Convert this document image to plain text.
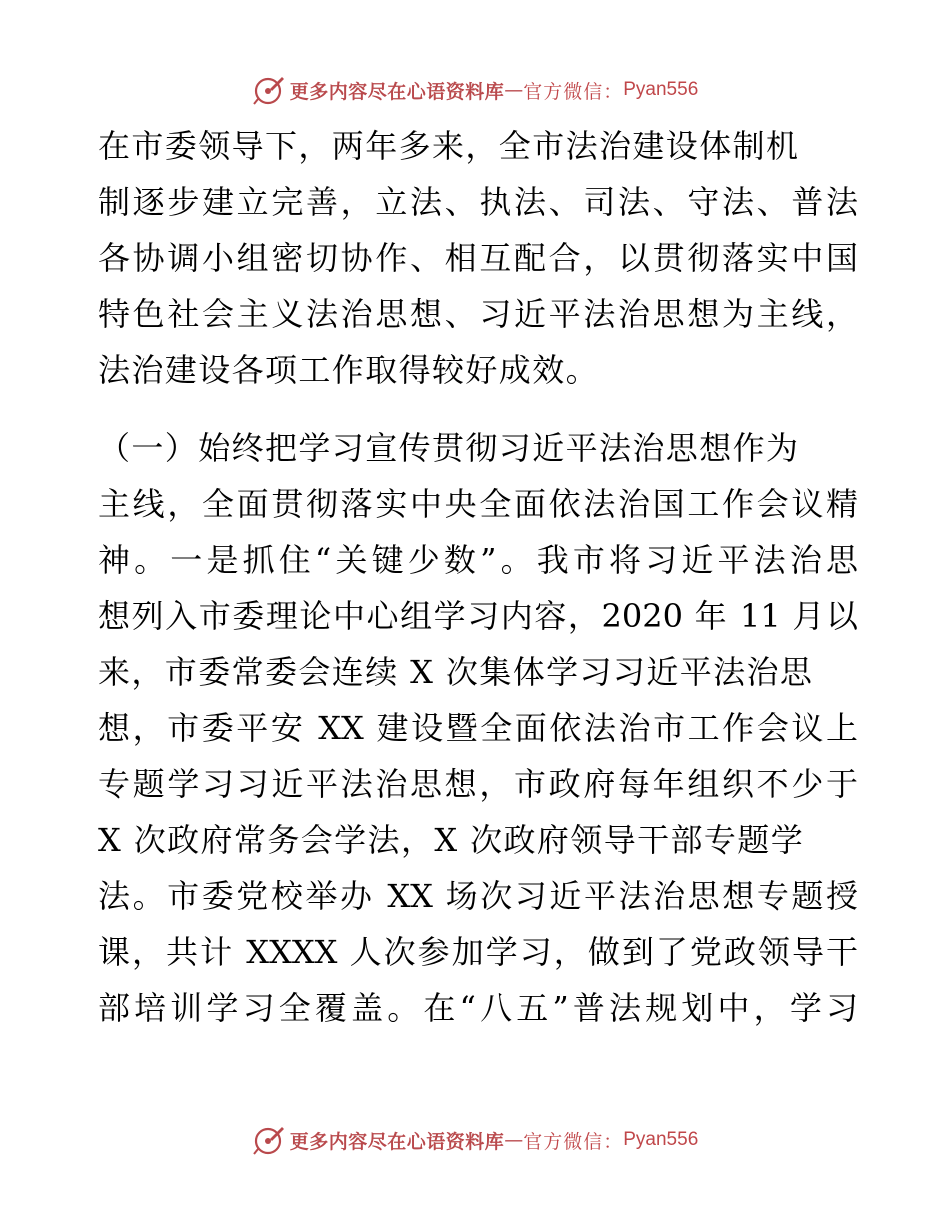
更多内容尽在心语资料库 — 官方微信： Pyan556
在市委领导下，两年多来，全市法治建设体制机
制逐步建立完善，立法、执法、司法、守法、普法
各协调小组密切协作、相互配合，以贯彻落实中国
特色社会主义法治思想、习近平法治思想为主线，
法治建设各项工作取得较好成效。
（一）始终把学习宣传贯彻习近平法治思想作为
主线，全面贯彻落实中央全面依法治国工作会议精
神。一是抓住“关键少数”。我市将习近平法治思
想列入市委理论中心组学习内容，2020 年 11 月以
来，市委常委会连续 X 次集体学习习近平法治思
想，市委平安 XX 建设暨全面依法治市工作会议上
专题学习习近平法治思想，市政府每年组织不少于
X 次政府常务会学法，X 次政府领导干部专题学
法。市委党校举办 XX 场次习近平法治思想专题授
课，共计 XXXX 人次参加学习，做到了党政领导干
部培训学习全覆盖。在“八五”普法规划中，学习
更多内容尽在心语资料库 — 官方微信： Pyan556
